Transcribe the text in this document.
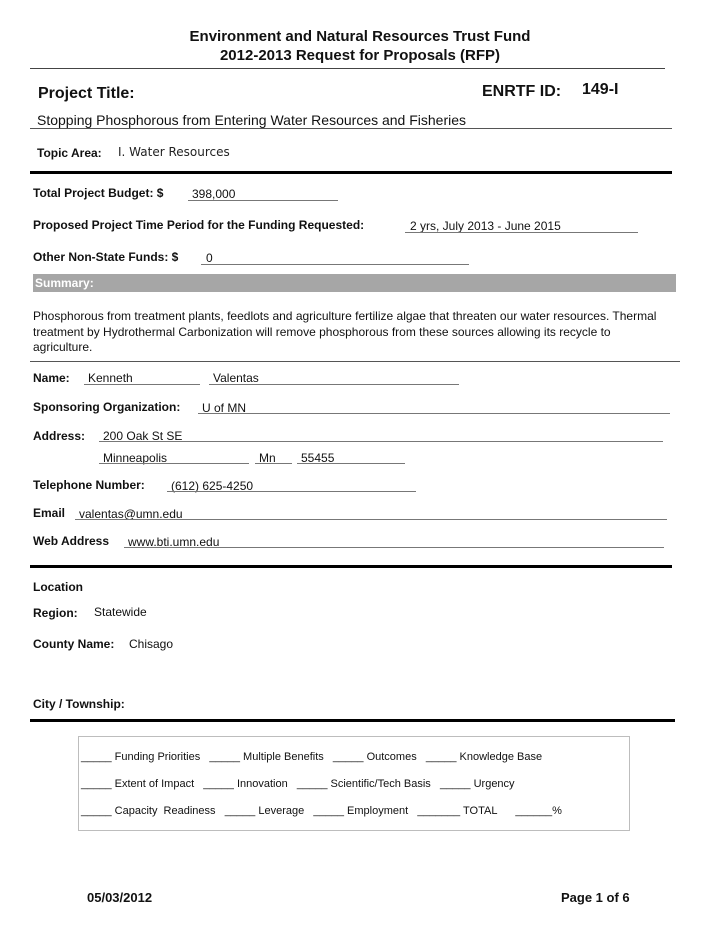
Environment and Natural Resources Trust Fund
2012-2013 Request for Proposals (RFP)
Project Title:	ENRTF ID: 149-I
Stopping Phosphorous from Entering Water Resources and Fisheries
Topic Area: I. Water Resources
Total Project Budget: $ 398,000
Proposed Project Time Period for the Funding Requested:	2 yrs, July 2013 - June 2015
Other Non-State Funds: $ 0
Summary:
Phosphorous from treatment plants, feedlots and agriculture fertilize algae that threaten our water resources. Thermal treatment by Hydrothermal Carbonization will remove phosphorous from these sources allowing its recycle to agriculture.
Name: Kenneth	Valentas
Sponsoring Organization: U of MN
Address: 200 Oak St SE
Minneapolis	Mn 55455
Telephone Number: (612) 625-4250
Email valentas@umn.edu
Web Address www.bti.umn.edu
Location
Region: Statewide
County Name: Chisago
City / Township:
_____ Funding Priorities   _____ Multiple Benefits   _____ Outcomes   _____ Knowledge Base
_____ Extent of Impact   _____ Innovation   _____ Scientific/Tech Basis   _____ Urgency
_____ Capacity  Readiness   _____ Leverage   _____ Employment   _______ TOTAL      ______%
05/03/2012	Page 1 of 6
